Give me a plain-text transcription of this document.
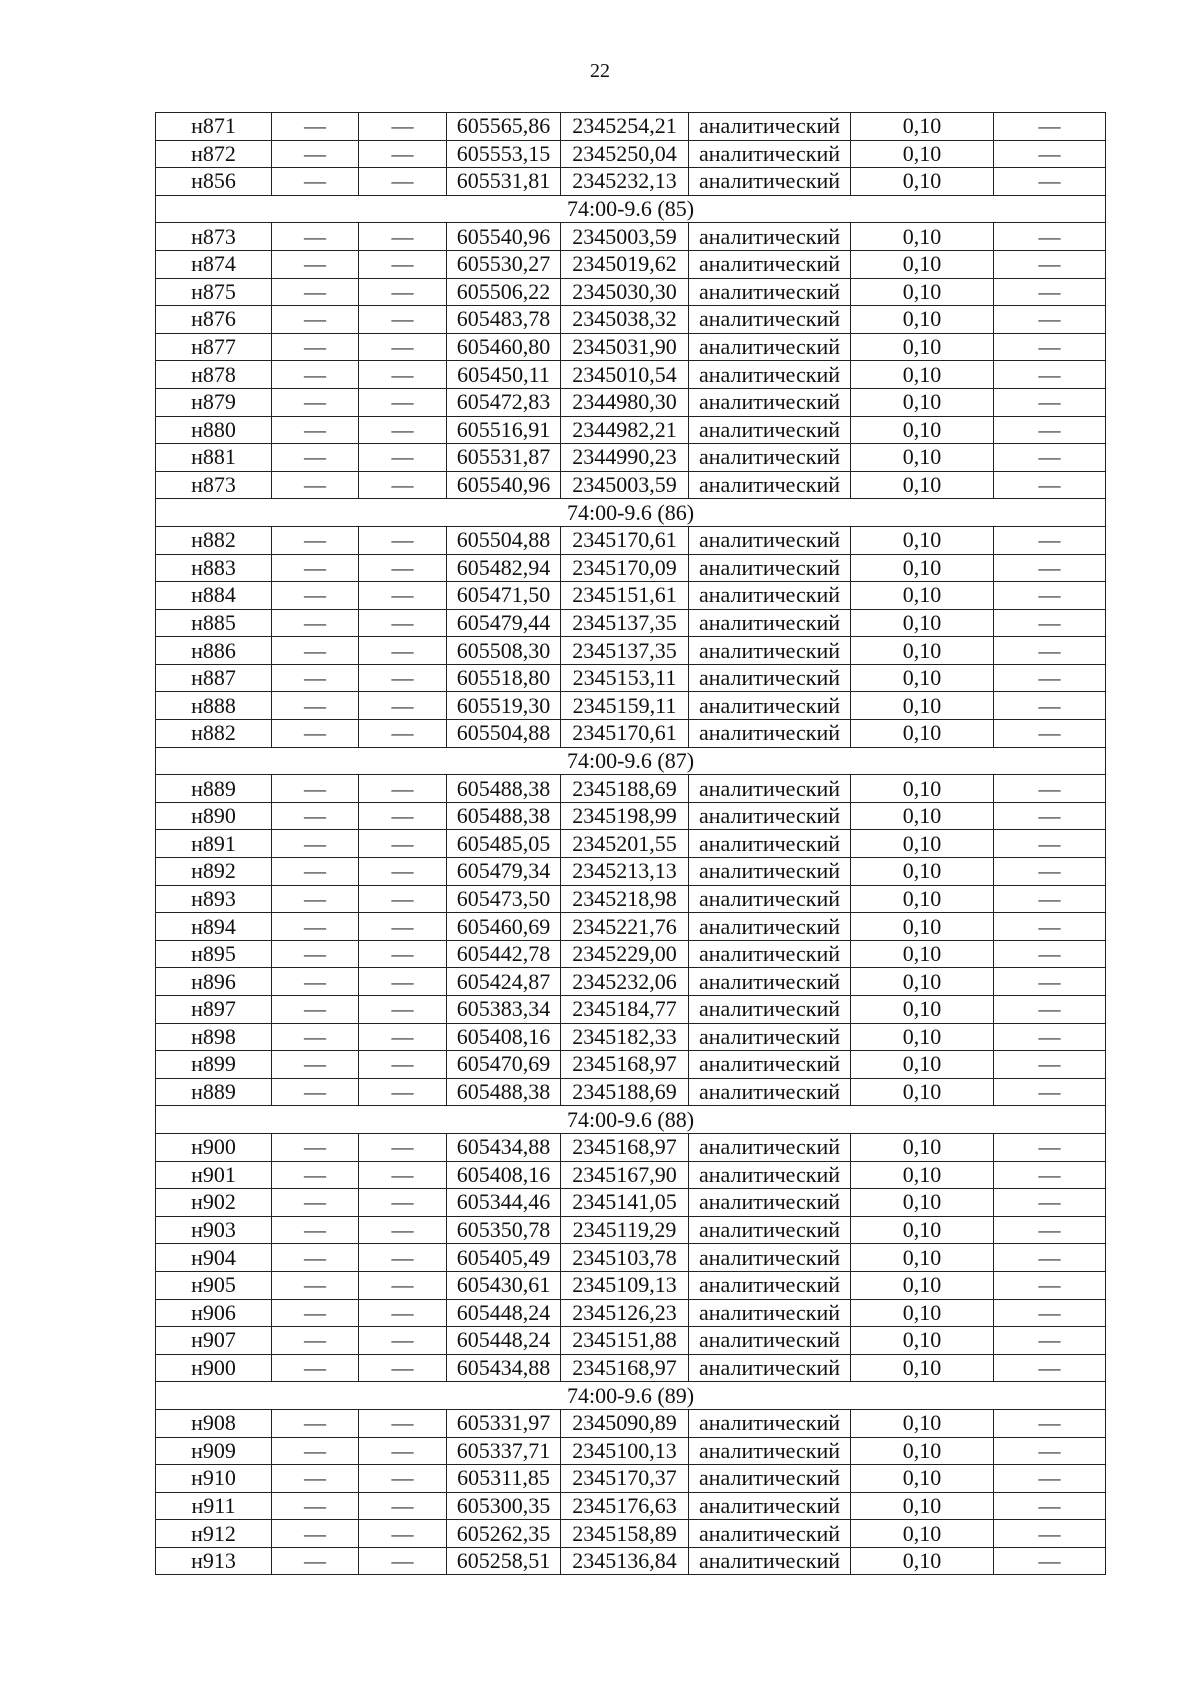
22
н871	—	—	605565,86	2345254,21	аналитический	0,10	—
н872	—	—	605553,15	2345250,04	аналитический	0,10	—
н856	—	—	605531,81	2345232,13	аналитический	0,10	—
74:00-9.6 (85)							
н873	—	—	605540,96	2345003,59	аналитический	0,10	—
н874	—	—	605530,27	2345019,62	аналитический	0,10	—
н875	—	—	605506,22	2345030,30	аналитический	0,10	—
н876	—	—	605483,78	2345038,32	аналитический	0,10	—
н877	—	—	605460,80	2345031,90	аналитический	0,10	—
н878	—	—	605450,11	2345010,54	аналитический	0,10	—
н879	—	—	605472,83	2344980,30	аналитический	0,10	—
н880	—	—	605516,91	2344982,21	аналитический	0,10	—
н881	—	—	605531,87	2344990,23	аналитический	0,10	—
н873	—	—	605540,96	2345003,59	аналитический	0,10	—
74:00-9.6 (86)							
н882	—	—	605504,88	2345170,61	аналитический	0,10	—
н883	—	—	605482,94	2345170,09	аналитический	0,10	—
н884	—	—	605471,50	2345151,61	аналитический	0,10	—
н885	—	—	605479,44	2345137,35	аналитический	0,10	—
н886	—	—	605508,30	2345137,35	аналитический	0,10	—
н887	—	—	605518,80	2345153,11	аналитический	0,10	—
н888	—	—	605519,30	2345159,11	аналитический	0,10	—
н882	—	—	605504,88	2345170,61	аналитический	0,10	—
74:00-9.6 (87)							
н889	—	—	605488,38	2345188,69	аналитический	0,10	—
н890	—	—	605488,38	2345198,99	аналитический	0,10	—
н891	—	—	605485,05	2345201,55	аналитический	0,10	—
н892	—	—	605479,34	2345213,13	аналитический	0,10	—
н893	—	—	605473,50	2345218,98	аналитический	0,10	—
н894	—	—	605460,69	2345221,76	аналитический	0,10	—
н895	—	—	605442,78	2345229,00	аналитический	0,10	—
н896	—	—	605424,87	2345232,06	аналитический	0,10	—
н897	—	—	605383,34	2345184,77	аналитический	0,10	—
н898	—	—	605408,16	2345182,33	аналитический	0,10	—
н899	—	—	605470,69	2345168,97	аналитический	0,10	—
н889	—	—	605488,38	2345188,69	аналитический	0,10	—
74:00-9.6 (88)							
н900	—	—	605434,88	2345168,97	аналитический	0,10	—
н901	—	—	605408,16	2345167,90	аналитический	0,10	—
н902	—	—	605344,46	2345141,05	аналитический	0,10	—
н903	—	—	605350,78	2345119,29	аналитический	0,10	—
н904	—	—	605405,49	2345103,78	аналитический	0,10	—
н905	—	—	605430,61	2345109,13	аналитический	0,10	—
н906	—	—	605448,24	2345126,23	аналитический	0,10	—
н907	—	—	605448,24	2345151,88	аналитический	0,10	—
н900	—	—	605434,88	2345168,97	аналитический	0,10	—
74:00-9.6 (89)							
н908	—	—	605331,97	2345090,89	аналитический	0,10	—
н909	—	—	605337,71	2345100,13	аналитический	0,10	—
н910	—	—	605311,85	2345170,37	аналитический	0,10	—
н911	—	—	605300,35	2345176,63	аналитический	0,10	—
н912	—	—	605262,35	2345158,89	аналитический	0,10	—
н913	—	—	605258,51	2345136,84	аналитический	0,10	—
